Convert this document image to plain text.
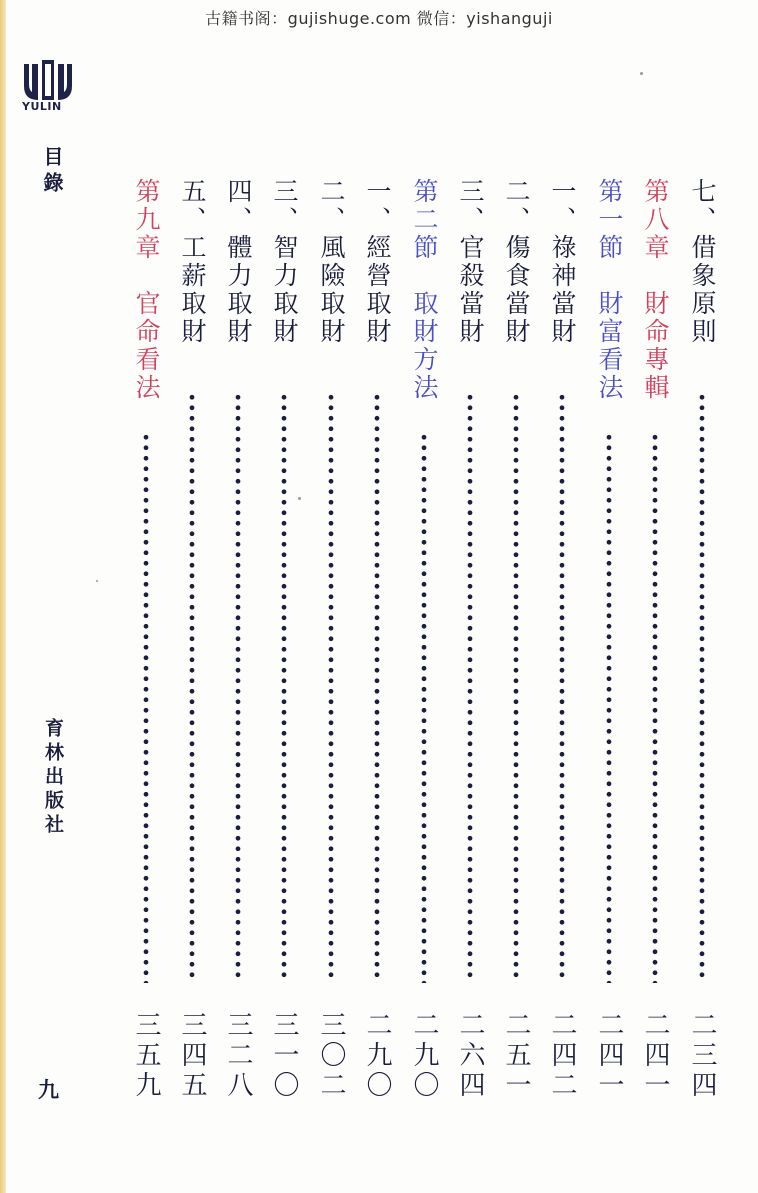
古籍书阁：gujishuge.com 微信：yishanguji
YULIN
目錄
育林出版社
九
七、借象原則
二三四
第八章　財命專輯
二四一
第一節　財富看法
二四一
一、祿神當財
二四二
二、傷食當財
二五一
三、官殺當財
二六四
第二節　取財方法
二九〇
一、經營取財
二九〇
二、風險取財
三〇二
三、智力取財
三一〇
四、體力取財
三二八
五、工薪取財
三四五
第九章　官命看法
三五九
